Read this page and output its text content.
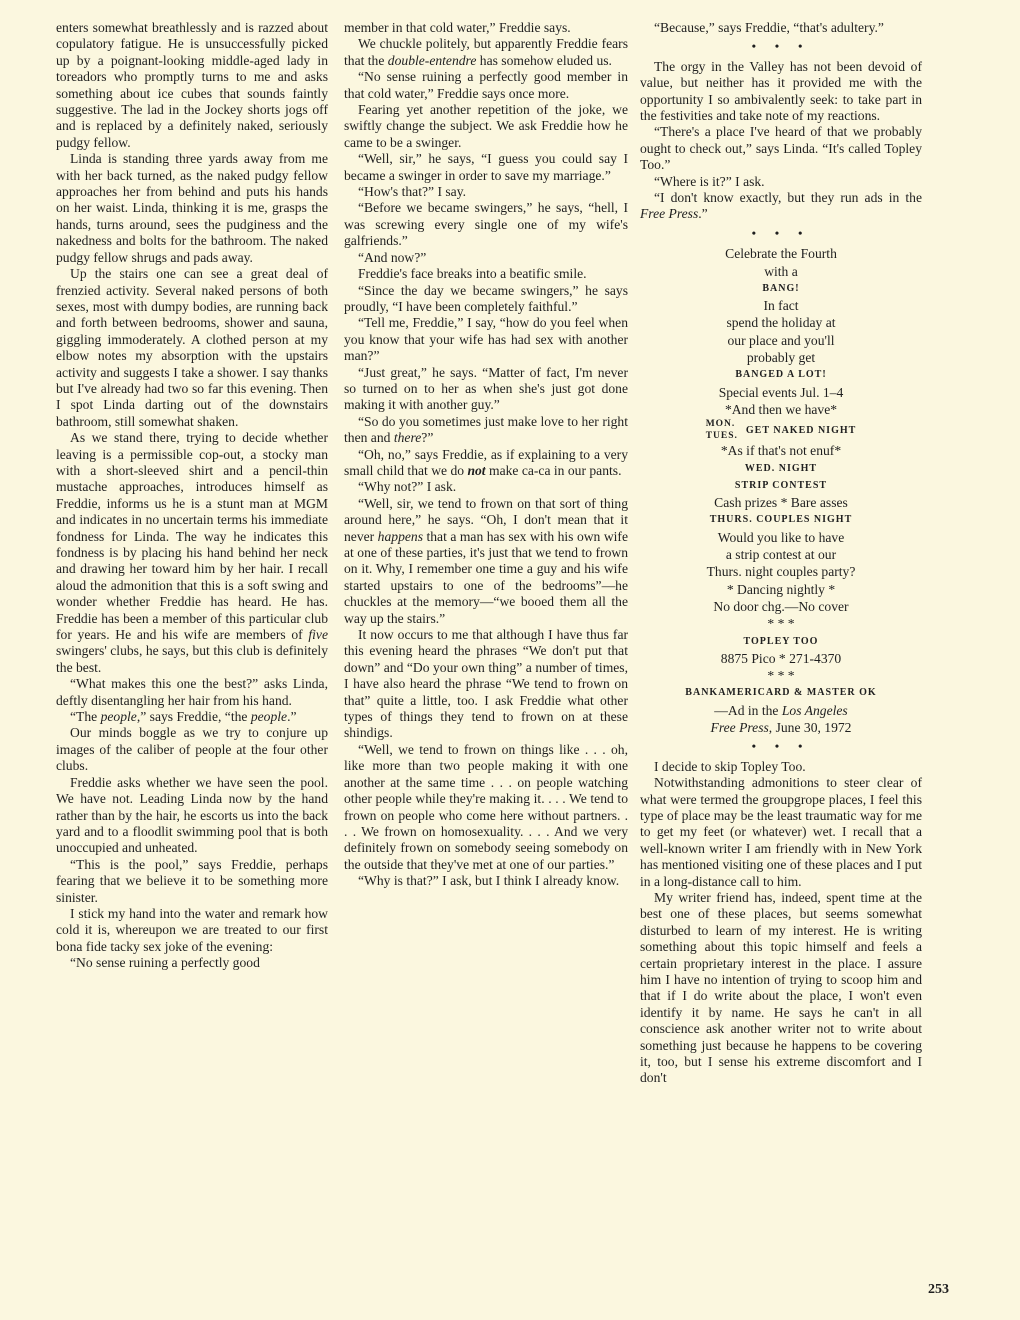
enters somewhat breathlessly and is razzed about copulatory fatigue. He is unsuccessfully picked up by a poignant-looking middle-aged lady in toreadors who promptly turns to me and asks something about ice cubes that sounds faintly suggestive. The lad in the Jockey shorts jogs off and is replaced by a definitely naked, seriously pudgy fellow.

Linda is standing three yards away from me with her back turned, as the naked pudgy fellow approaches her from behind and puts his hands on her waist. Linda, thinking it is me, grasps the hands, turns around, sees the pudginess and the nakedness and bolts for the bathroom. The naked pudgy fellow shrugs and pads away.

Up the stairs one can see a great deal of frenzied activity. Several naked persons of both sexes, most with dumpy bodies, are running back and forth between bedrooms, shower and sauna, giggling immoderately. A clothed person at my elbow notes my absorption with the upstairs activity and suggests I take a shower. I say thanks but I've already had two so far this evening. Then I spot Linda darting out of the downstairs bathroom, still somewhat shaken.

As we stand there, trying to decide whether leaving is a permissible cop-out, a stocky man with a short-sleeved shirt and a pencil-thin mustache approaches, introduces himself as Freddie, informs us he is a stunt man at MGM and indicates in no uncertain terms his immediate fondness for Linda. The way he indicates this fondness is by placing his hand behind her neck and drawing her toward him by her hair. I recall aloud the admonition that this is a soft swing and wonder whether Freddie has heard. He has. Freddie has been a member of this particular club for years. He and his wife are members of five swingers' clubs, he says, but this club is definitely the best.

“What makes this one the best?” asks Linda, deftly disentangling her hair from his hand.

“The people,” says Freddie, “the people.”

Our minds boggle as we try to conjure up images of the caliber of people at the four other clubs.

Freddie asks whether we have seen the pool. We have not. Leading Linda now by the hand rather than by the hair, he escorts us into the back yard and to a floodlit swimming pool that is both unoccupied and unheated.

“This is the pool,” says Freddie, perhaps fearing that we believe it to be something more sinister.

I stick my hand into the water and remark how cold it is, whereupon we are treated to our first bona fide tacky sex joke of the evening:

“No sense ruining a perfectly good

member in that cold water,” Freddie says.

We chuckle politely, but apparently Freddie fears that the double-entendre has somehow eluded us.

“No sense ruining a perfectly good member in that cold water,” Freddie says once more.

Fearing yet another repetition of the joke, we swiftly change the subject. We ask Freddie how he came to be a swinger.

“Well, sir,” he says, “I guess you could say I became a swinger in order to save my marriage.”

“How's that?” I say.

“Before we became swingers,” he says, “hell, I was screwing every single one of my wife's galfriends.”

“And now?”

Freddie's face breaks into a beatific smile.

“Since the day we became swingers,” he says proudly, “I have been completely faithful.”

“Tell me, Freddie,” I say, “how do you feel when you know that your wife has had sex with another man?”

“Just great,” he says. “Matter of fact, I'm never so turned on to her as when she's just got done making it with another guy.”

“So do you sometimes just make love to her right then and there?”

“Oh, no,” says Freddie, as if explaining to a very small child that we do not make ca-ca in our pants.

“Why not?” I ask.

“Well, sir, we tend to frown on that sort of thing around here,” he says. “Oh, I don't mean that it never happens that a man has sex with his own wife at one of these parties, it's just that we tend to frown on it. Why, I remember one time a guy and his wife started upstairs to one of the bedrooms”—he chuckles at the memory—“we booed them all the way up the stairs.”

It now occurs to me that although I have thus far this evening heard the phrases “We don't put that down” and “Do your own thing” a number of times, I have also heard the phrase “We tend to frown on that” quite a little, too. I ask Freddie what other types of things they tend to frown on at these shindigs.

“Well, we tend to frown on things like . . . oh, like more than two people making it with one another at the same time . . . on people watching other people while they're making it. . . . We tend to frown on people who come here without partners. . . . We frown on homosexuality. . . . And we very definitely frown on somebody seeing somebody on the outside that they've met at one of our parties.”

“Why is that?” I ask, but I think I already know.

“Because,” says Freddie, “that's adultery.”

• • •

The orgy in the Valley has not been devoid of value, but neither has it provided me with the opportunity I so ambivalently seek: to take part in the festivities and take note of my reactions.

“There's a place I've heard of that we probably ought to check out,” says Linda. “It's called Topley Too.”

“Where is it?” I ask.

“I don't know exactly, but they run ads in the Free Press.”

• • •
Celebrate the Fourth
with a
BANG!
In fact
spend the holiday at
our place and you'll
probably get
BANGED A LOT!
Special events Jul. 1–4
*And then we have*
MON.
TUES.
GET NAKED NIGHT
*As if that's not enuf*
WED. NIGHT
STRIP CONTEST
Cash prizes * Bare asses
THURS. COUPLES NIGHT
Would you like to have
a strip contest at our
Thurs. night couples party?
* Dancing nightly *
No door chg.—No cover
* * *
TOPLEY TOO
8875 Pico * 271-4370
* * *
BANKAMERICARD & MASTER OK
—Ad in the Los Angeles
Free Press, June 30, 1972
• • •

I decide to skip Topley Too.

Notwithstanding admonitions to steer clear of what were termed the groupgrope places, I feel this type of place may be the least traumatic way for me to get my feet (or whatever) wet. I recall that a well-known writer I am friendly with in New York has mentioned visiting one of these places and I put in a long-distance call to him.

My writer friend has, indeed, spent time at the best one of these places, but seems somewhat disturbed to learn of my interest. He is writing something about this topic himself and feels a certain proprietary interest in the place. I assure him I have no intention of trying to scoop him and that if I do write about the place, I won't even identify it by name. He says he can't in all conscience ask another writer not to write about something just because he happens to be covering it, too, but I sense his extreme discomfort and I don't

253
